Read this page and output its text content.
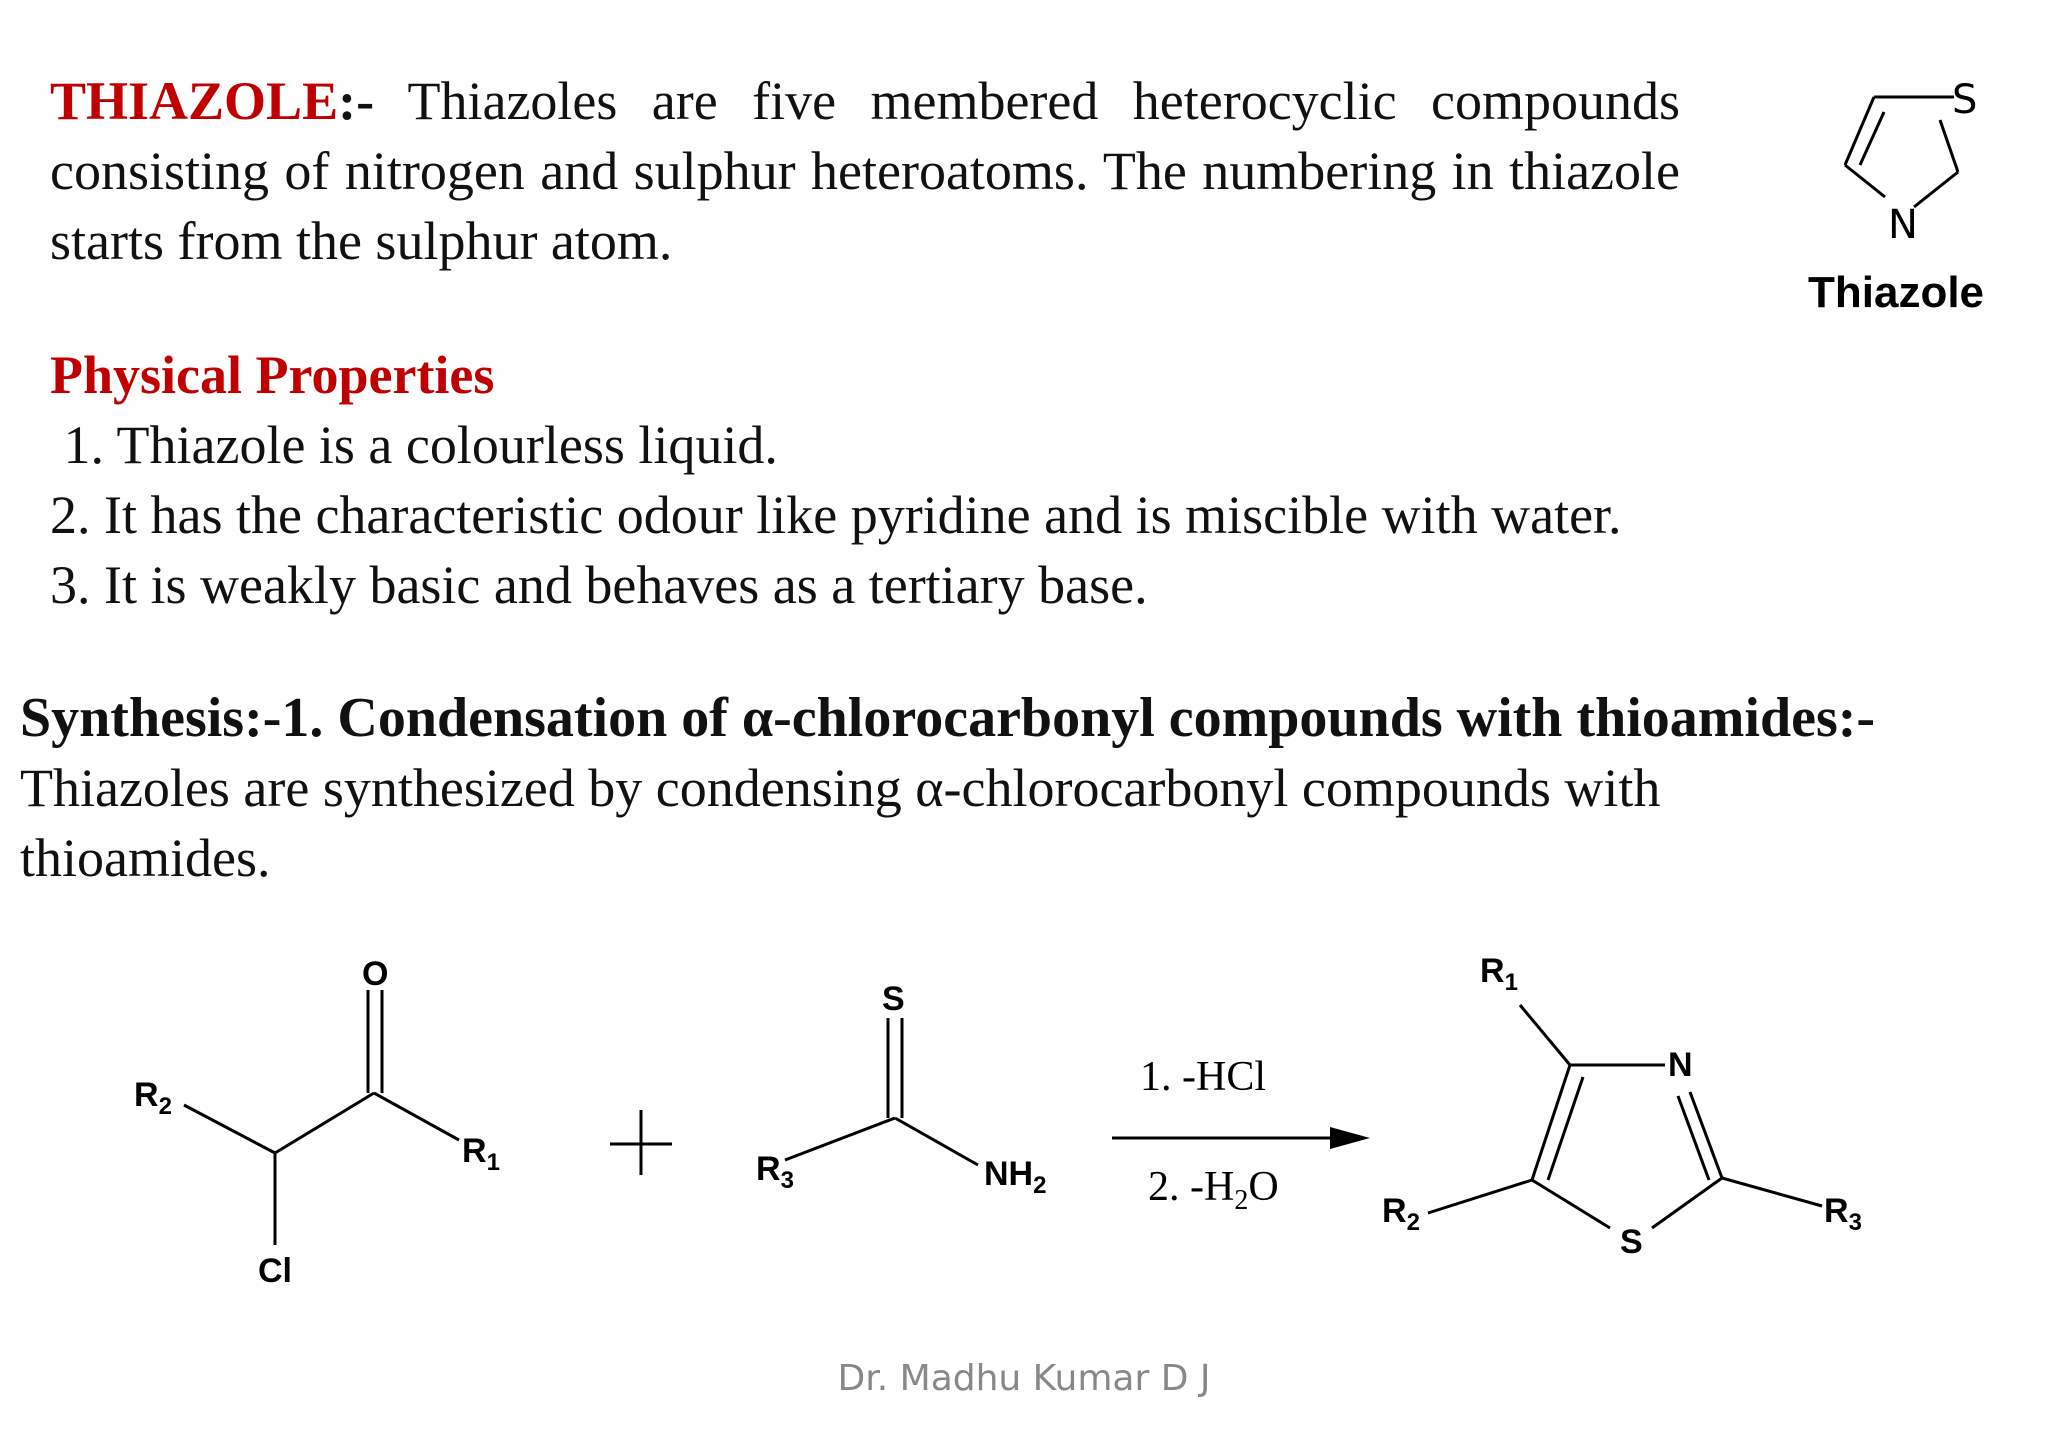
THIAZOLE:- Thiazoles are five membered heterocyclic compounds consisting of nitrogen and sulphur heteroatoms. The numbering in thiazole starts from the sulphur atom.
Physical Properties
1. Thiazole is a colourless liquid.
2. It has the characteristic odour like pyridine and is miscible with water.
3. It is weakly basic and behaves as a tertiary base.
Synthesis:-1. Condensation of α-chlorocarbonyl compounds with thioamides:-
Thiazoles are synthesized by condensing α-chlorocarbonyl compounds with thioamides.
S
N
Thiazole
O
$R_2$
$R_1$
Cl
S
$R_3$	$NH_2$
1. -HCl
2. $-H_2O$
$R_1$
N
$R_2$
S
$R_3$
Dr. Madhu Kumar D J
